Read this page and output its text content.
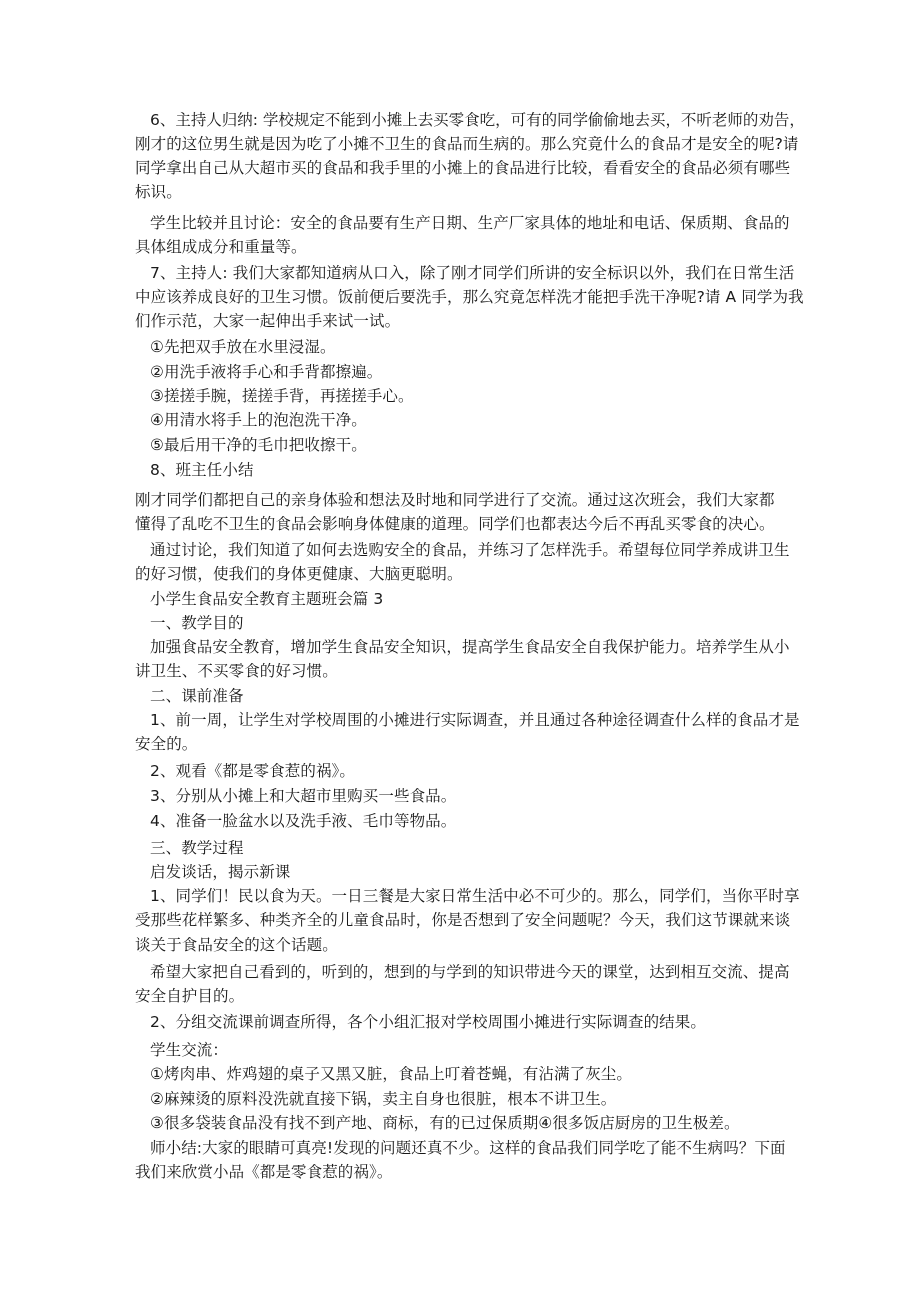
6、主持人归纳: 学校规定不能到小摊上去买零食吃，可有的同学偷偷地去买，不听老师的劝告，
刚才的这位男生就是因为吃了小摊不卫生的食品而生病的。那么究竟什么的食品才是安全的呢?请
同学拿出自己从大超市买的食品和我手里的小摊上的食品进行比较，看看安全的食品必须有哪些
标识。
学生比较并且讨论：安全的食品要有生产日期、生产厂家具体的地址和电话、保质期、食品的
具体组成成分和重量等。
7、主持人: 我们大家都知道病从口入，除了刚才同学们所讲的安全标识以外，我们在日常生活
中应该养成良好的卫生习惯。饭前便后要洗手，那么究竟怎样洗才能把手洗干净呢?请 A 同学为我
们作示范，大家一起伸出手来试一试。
①先把双手放在水里浸湿。
②用洗手液将手心和手背都擦遍。
③搓搓手腕，搓搓手背，再搓搓手心。
④用清水将手上的泡泡洗干净。
⑤最后用干净的毛巾把收擦干。
8、班主任小结
刚才同学们都把自己的亲身体验和想法及时地和同学进行了交流。通过这次班会，我们大家都
懂得了乱吃不卫生的食品会影响身体健康的道理。同学们也都表达今后不再乱买零食的决心。
通过讨论，我们知道了如何去选购安全的食品，并练习了怎样洗手。希望每位同学养成讲卫生
的好习惯，使我们的身体更健康、大脑更聪明。
小学生食品安全教育主题班会篇 3
一、教学目的
加强食品安全教育，增加学生食品安全知识，提高学生食品安全自我保护能力。培养学生从小
讲卫生、不买零食的好习惯。
二、课前准备
1、前一周，让学生对学校周围的小摊进行实际调查，并且通过各种途径调查什么样的食品才是
安全的。
2、观看《都是零食惹的祸》。
3、分别从小摊上和大超市里购买一些食品。
4、准备一脸盆水以及洗手液、毛巾等物品。
三、教学过程
启发谈话，揭示新课
1、同学们！民以食为天。一日三餐是大家日常生活中必不可少的。那么，同学们，当你平时享
受那些花样繁多、种类齐全的儿童食品时，你是否想到了安全问题呢？今天，我们这节课就来谈
谈关于食品安全的这个话题。
希望大家把自己看到的，听到的，想到的与学到的知识带进今天的课堂，达到相互交流、提高
安全自护目的。
2、分组交流课前调查所得，各个小组汇报对学校周围小摊进行实际调查的结果。
学生交流：
①烤肉串、炸鸡翅的桌子又黑又脏，食品上叮着苍蝇，有沾满了灰尘。
②麻辣烫的原料没洗就直接下锅，卖主自身也很脏，根本不讲卫生。
③很多袋装食品没有找不到产地、商标，有的已过保质期④很多饭店厨房的卫生极差。
师小结:大家的眼睛可真亮!发现的问题还真不少。这样的食品我们同学吃了能不生病吗？下面
我们来欣赏小品《都是零食惹的祸》。
